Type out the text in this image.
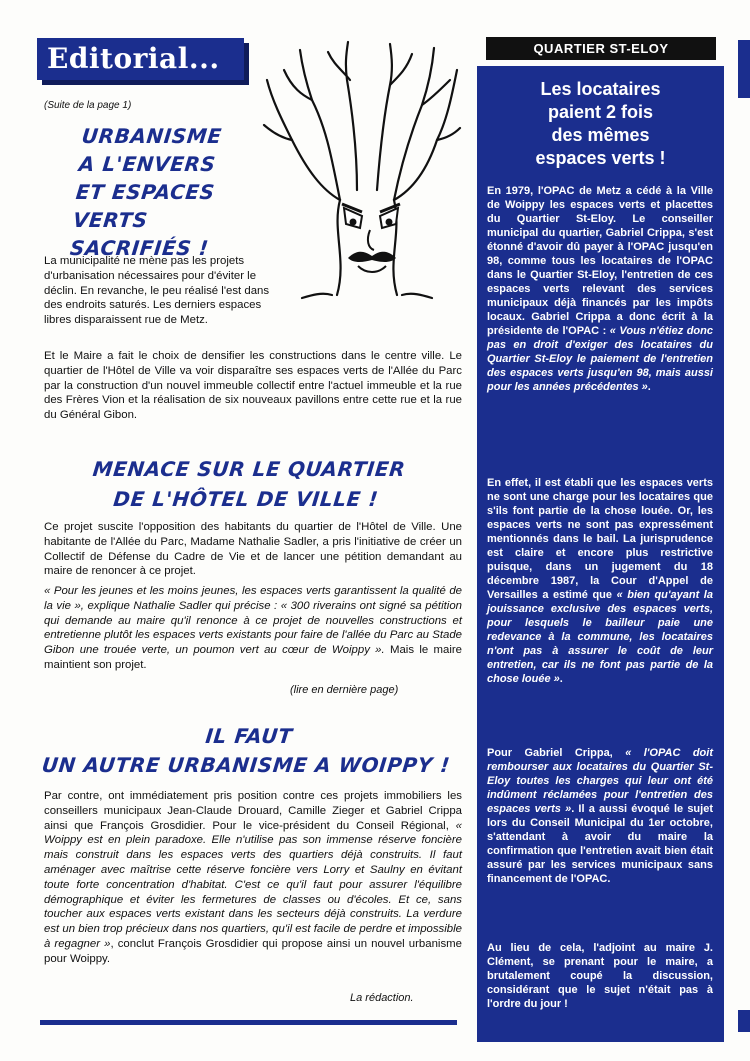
Editorial...
(Suite de la page 1)
URBANISME
A L'ENVERS
ET ESPACES VERTS
SACRIFIÉS !
La municipalité ne mène pas les projets d'urbanisation nécessaires pour d'éviter le déclin. En revanche, le peu réalisé l'est dans des endroits saturés. Les derniers espaces libres disparaissent rue de Metz.
Et le Maire a fait le choix de densifier les constructions dans le centre ville. Le quartier de l'Hôtel de Ville va voir disparaître ses espaces verts de l'Allée du Parc par la construction d'un nouvel immeuble collectif entre l'actuel immeuble et la rue des Frères Vion et la réalisation de six nouveaux pavillons entre cette rue et la rue du Général Gibon.
MENACE SUR LE QUARTIER
DE L'HÔTEL DE VILLE !
Ce projet suscite l'opposition des habitants du quartier de l'Hôtel de Ville. Une habitante de l'Allée du Parc, Madame Nathalie Sadler, a pris l'initiative de créer un Collectif de Défense du Cadre de Vie et de lancer une pétition demandant au maire de renoncer à ce projet.
« Pour les jeunes et les moins jeunes, les espaces verts garantissent la qualité de la vie », explique Nathalie Sadler qui précise : « 300 riverains ont signé sa pétition qui demande au maire qu'il renonce à ce projet de nouvelles constructions et entretienne plutôt les espaces verts existants pour faire de l'allée du Parc au Stade Gibon une trouée verte, un poumon vert au cœur de Woippy ». Mais le maire maintient son projet.
(lire en dernière page)
IL FAUT
UN AUTRE URBANISME A WOIPPY !
Par contre, ont immédiatement pris position contre ces projets immobiliers les conseillers municipaux Jean-Claude Drouard, Camille Zieger et Gabriel Crippa ainsi que François Grosdidier. Pour le vice-président du Conseil Régional, « Woippy est en plein paradoxe. Elle n'utilise pas son immense réserve foncière mais construit dans les espaces verts des quartiers déjà construits. Il faut aménager avec maîtrise cette réserve foncière vers Lorry et Saulny en évitant toute forte concentration d'habitat. C'est ce qu'il faut pour assurer l'équilibre démographique et éviter les fermetures de classes ou d'écoles. Et ce, sans toucher aux espaces verts existant dans les secteurs déjà construits. La verdure est un bien trop précieux dans nos quartiers, qu'il est facile de perdre et impossible à regagner », conclut François Grosdidier qui propose ainsi un nouvel urbanisme pour Woippy.
La rédaction.
QUARTIER ST-ELOY
Les locataires
paient 2 fois
des mêmes
espaces verts !
En 1979, l'OPAC de Metz a cédé à la Ville de Woippy les espaces verts et placettes du Quartier St-Eloy. Le conseiller municipal du quartier, Gabriel Crippa, s'est étonné d'avoir dû payer à l'OPAC jusqu'en 98, comme tous les locataires de l'OPAC dans le Quartier St-Eloy, l'entretien de ces espaces verts relevant des services municipaux déjà financés par les impôts locaux. Gabriel Crippa a donc écrit à la présidente de l'OPAC : « Vous n'étiez donc pas en droit d'exiger des locataires du Quartier St-Eloy le paiement de l'entretien des espaces verts jusqu'en 98, mais aussi pour les années précédentes ».
En effet, il est établi que les espaces verts ne sont une charge pour les locataires que s'ils font partie de la chose louée. Or, les espaces verts ne sont pas expressément mentionnés dans le bail. La jurisprudence est claire et encore plus restrictive puisque, dans un jugement du 18 décembre 1987, la Cour d'Appel de Versailles a estimé que « bien qu'ayant la jouissance exclusive des espaces verts, pour lesquels le bailleur paie une redevance à la commune, les locataires n'ont pas à assurer le coût de leur entretien, car ils ne font pas partie de la chose louée ».
Pour Gabriel Crippa, « l'OPAC doit rembourser aux locataires du Quartier St-Eloy toutes les charges qui leur ont été indûment réclamées pour l'entretien des espaces verts ». Il a aussi évoqué le sujet lors du Conseil Municipal du 1er octobre, s'attendant à avoir du maire la confirmation que l'entretien avait bien était assuré par les services municipaux sans financement de l'OPAC.
Au lieu de cela, l'adjoint au maire J. Clément, se prenant pour le maire, a brutalement coupé la discussion, considérant que le sujet n'était pas à l'ordre du jour !
